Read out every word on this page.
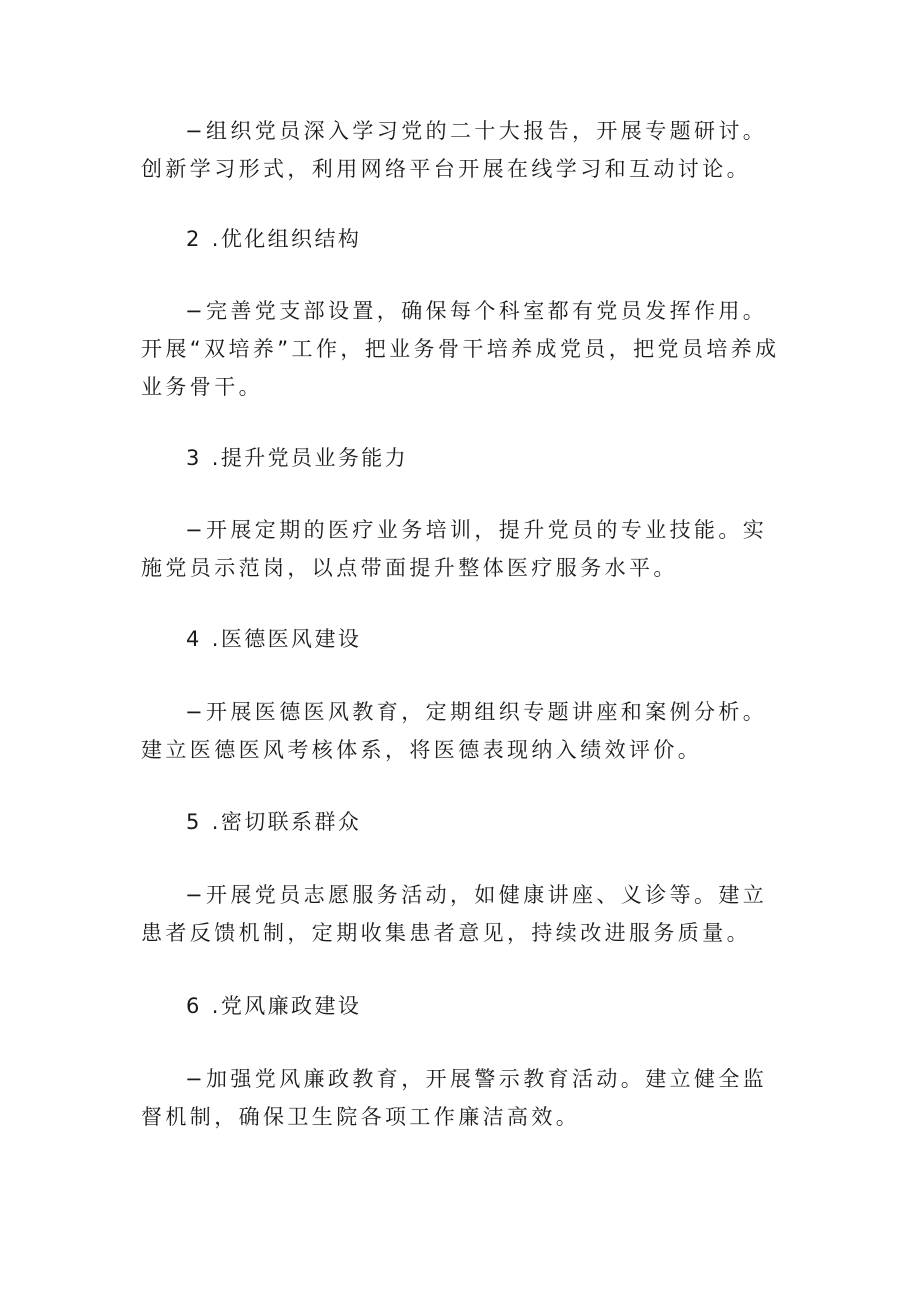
−组织党员深入学习党的二十大报告，开展专题研讨。创新学习形式，利用网络平台开展在线学习和互动讨论。

2 .优化组织结构

−完善党支部设置，确保每个科室都有党员发挥作用。开展“双培养”工作，把业务骨干培养成党员，把党员培养成业务骨干。

3 .提升党员业务能力

−开展定期的医疗业务培训，提升党员的专业技能。实施党员示范岗，以点带面提升整体医疗服务水平。

4 .医德医风建设

−开展医德医风教育，定期组织专题讲座和案例分析。建立医德医风考核体系，将医德表现纳入绩效评价。

5 .密切联系群众

−开展党员志愿服务活动，如健康讲座、义诊等。建立患者反馈机制，定期收集患者意见，持续改进服务质量。

6 .党风廉政建设

−加强党风廉政教育，开展警示教育活动。建立健全监督机制，确保卫生院各项工作廉洁高效。
